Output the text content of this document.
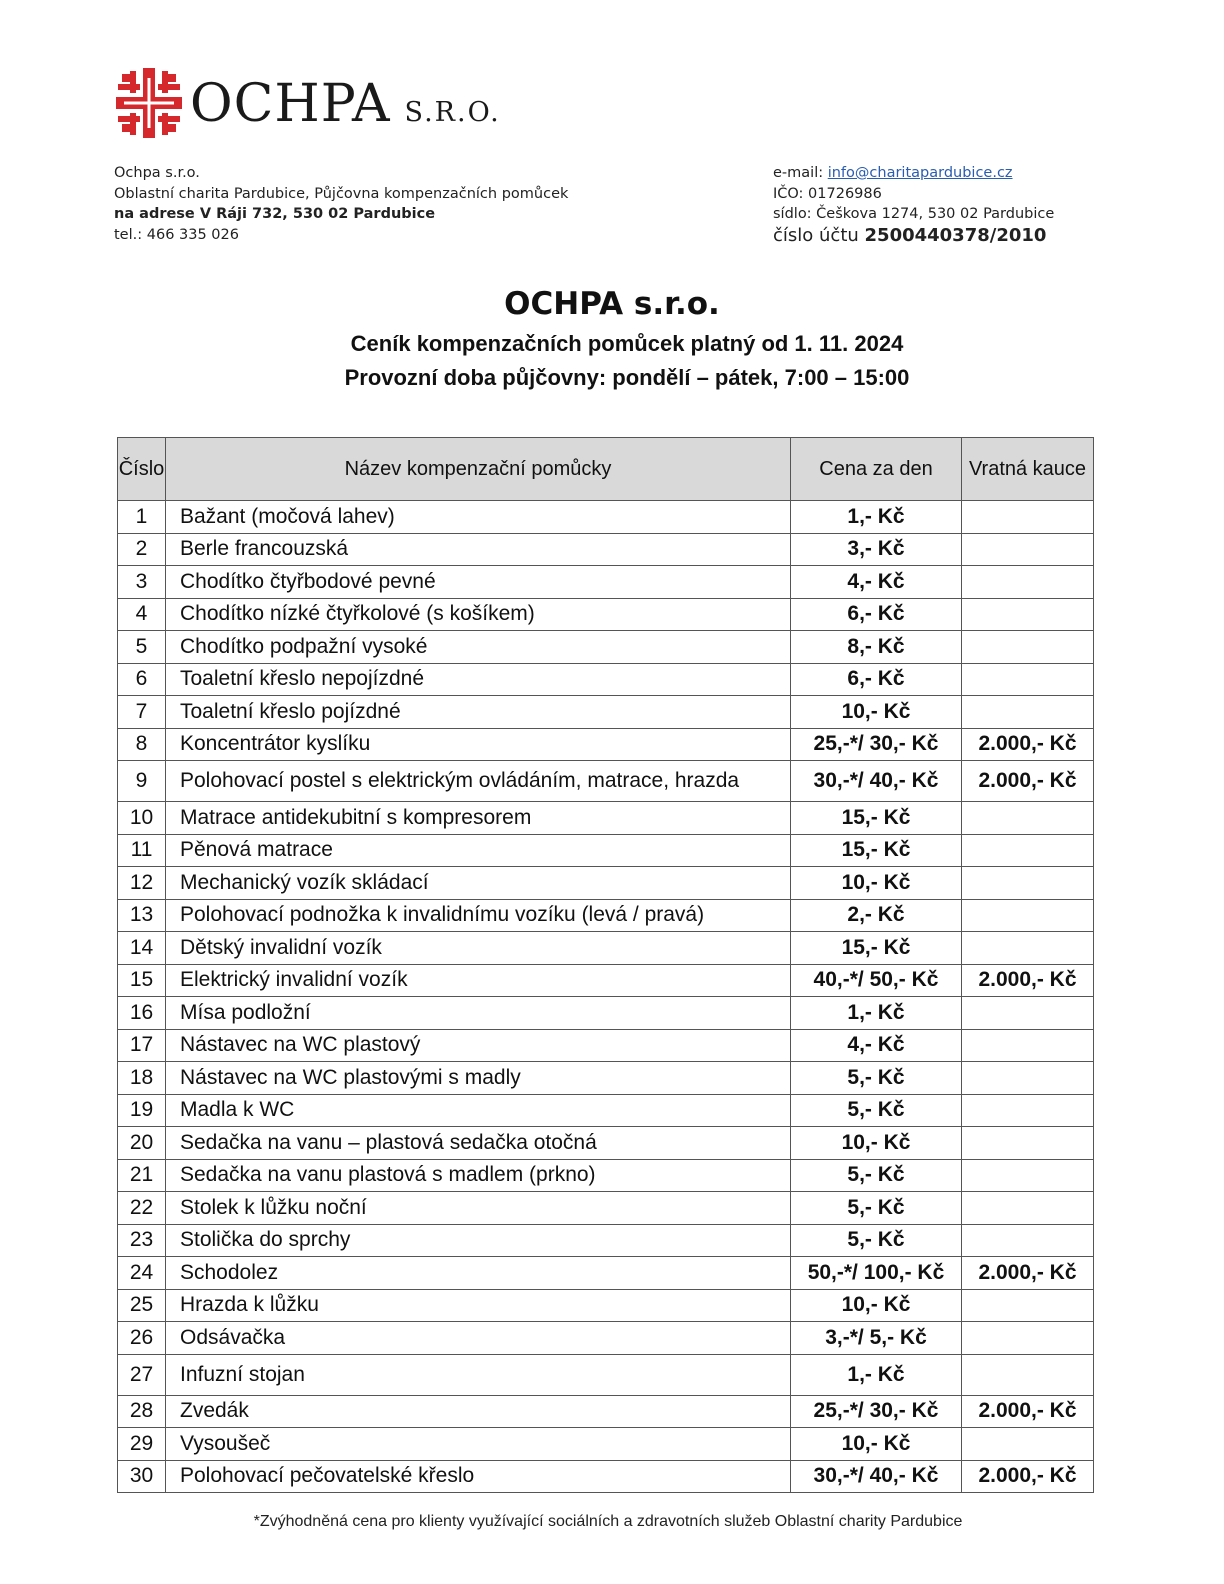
OCHPA S.R.O.
Ochpa s.r.o.
Oblastní charita Pardubice, Půjčovna kompenzačních pomůcek
na adrese V Ráji 732, 530 02 Pardubice
tel.: 466 335 026
e-mail: info@charitapardubice.cz
IČO: 01726986
sídlo: Češkova 1274, 530 02 Pardubice
číslo účtu 2500440378/2010
OCHPA s.r.o.
Ceník kompenzačních pomůcek platný od 1. 11. 2024
Provozní doba půjčovny: pondělí – pátek, 7:00 – 15:00
Číslo	Název kompenzační pomůcky	Cena za den	Vratná kauce
1	Bažant (močová lahev)	1,- Kč	
2	Berle francouzská	3,- Kč	
3	Chodítko čtyřbodové pevné	4,- Kč	
4	Chodítko nízké čtyřkolové (s košíkem)	6,- Kč	
5	Chodítko podpažní vysoké	8,- Kč	
6	Toaletní křeslo nepojízdné	6,- Kč	
7	Toaletní křeslo pojízdné	10,- Kč	
8	Koncentrátor kyslíku	25,-*/ 30,- Kč	2.000,- Kč
9	Polohovací postel s elektrickým ovládáním, matrace, hrazda	30,-*/ 40,- Kč	2.000,- Kč
10	Matrace antidekubitní s kompresorem	15,- Kč	
11	Pěnová matrace	15,- Kč	
12	Mechanický vozík skládací	10,- Kč	
13	Polohovací podnožka k invalidnímu vozíku (levá / pravá)	2,- Kč	
14	Dětský invalidní vozík	15,- Kč	
15	Elektrický invalidní vozík	40,-*/ 50,- Kč	2.000,- Kč
16	Mísa podložní	1,- Kč	
17	Nástavec na WC plastový	4,- Kč	
18	Nástavec na WC plastovými s madly	5,- Kč	
19	Madla k WC	5,- Kč	
20	Sedačka na vanu – plastová sedačka otočná	10,- Kč	
21	Sedačka na vanu plastová s madlem (prkno)	5,- Kč	
22	Stolek k lůžku noční	5,- Kč	
23	Stolička do sprchy	5,- Kč	
24	Schodolez	50,-*/ 100,- Kč	2.000,- Kč
25	Hrazda k lůžku	10,- Kč	
26	Odsávačka	3,-*/ 5,- Kč	
27	Infuzní stojan	1,- Kč	
28	Zvedák	25,-*/ 30,- Kč	2.000,- Kč
29	Vysoušeč	10,- Kč	
30	Polohovací pečovatelské křeslo	30,-*/ 40,- Kč	2.000,- Kč
*Zvýhodněná cena pro klienty využívající sociálních a zdravotních služeb Oblastní charity Pardubice
